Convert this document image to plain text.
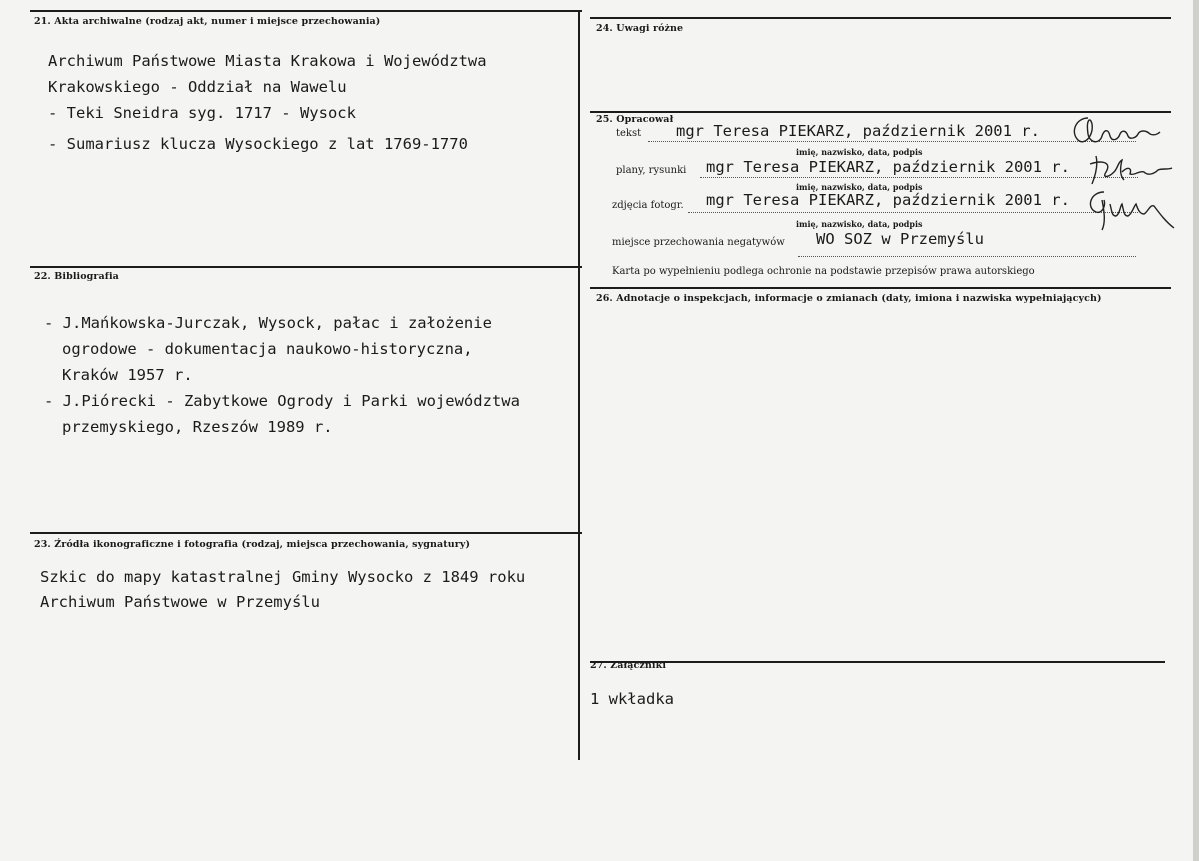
21. Akta archiwalne (rodzaj akt, numer i miejsce przechowania)
Archiwum Państwowe Miasta Krakowa i Województwa
Krakowskiego - Oddział na Wawelu
- Teki Sneidra syg. 1717 - Wysock
- Sumariusz klucza Wysockiego z lat 1769-1770
22. Bibliografia
- J.Mańkowska-Jurczak, Wysock, pałac i założenie
ogrodowe - dokumentacja naukowo-historyczna,
Kraków 1957 r.
- J.Piórecki - Zabytkowe Ogrody i Parki województwa
przemyskiego, Rzeszów 1989 r.
23. Źródła ikonograficzne i fotografia (rodzaj, miejsca przechowania, sygnatury)
Szkic do mapy katastralnej Gminy Wysocko z 1849 roku
Archiwum Państwowe w Przemyślu
24. Uwagi różne
25. Opracował
tekst mgr Teresa PIEKARZ, październik 2001 r.
imię, nazwisko, data, podpis
plany, rysunki mgr Teresa PIEKARZ, październik 2001 r.
imię, nazwisko, data, podpis
zdjęcia fotogr. mgr Teresa PIEKARZ, październik 2001 r.
imię, nazwisko, data, podpis
miejsce przechowania negatywów WO SOZ w Przemyślu
Karta po wypełnieniu podlega ochronie na podstawie przepisów prawa autorskiego
26. Adnotacje o inspekcjach, informacje o zmianach (daty, imiona i nazwiska wypełniających)
27. Załączniki
1 wkładka
